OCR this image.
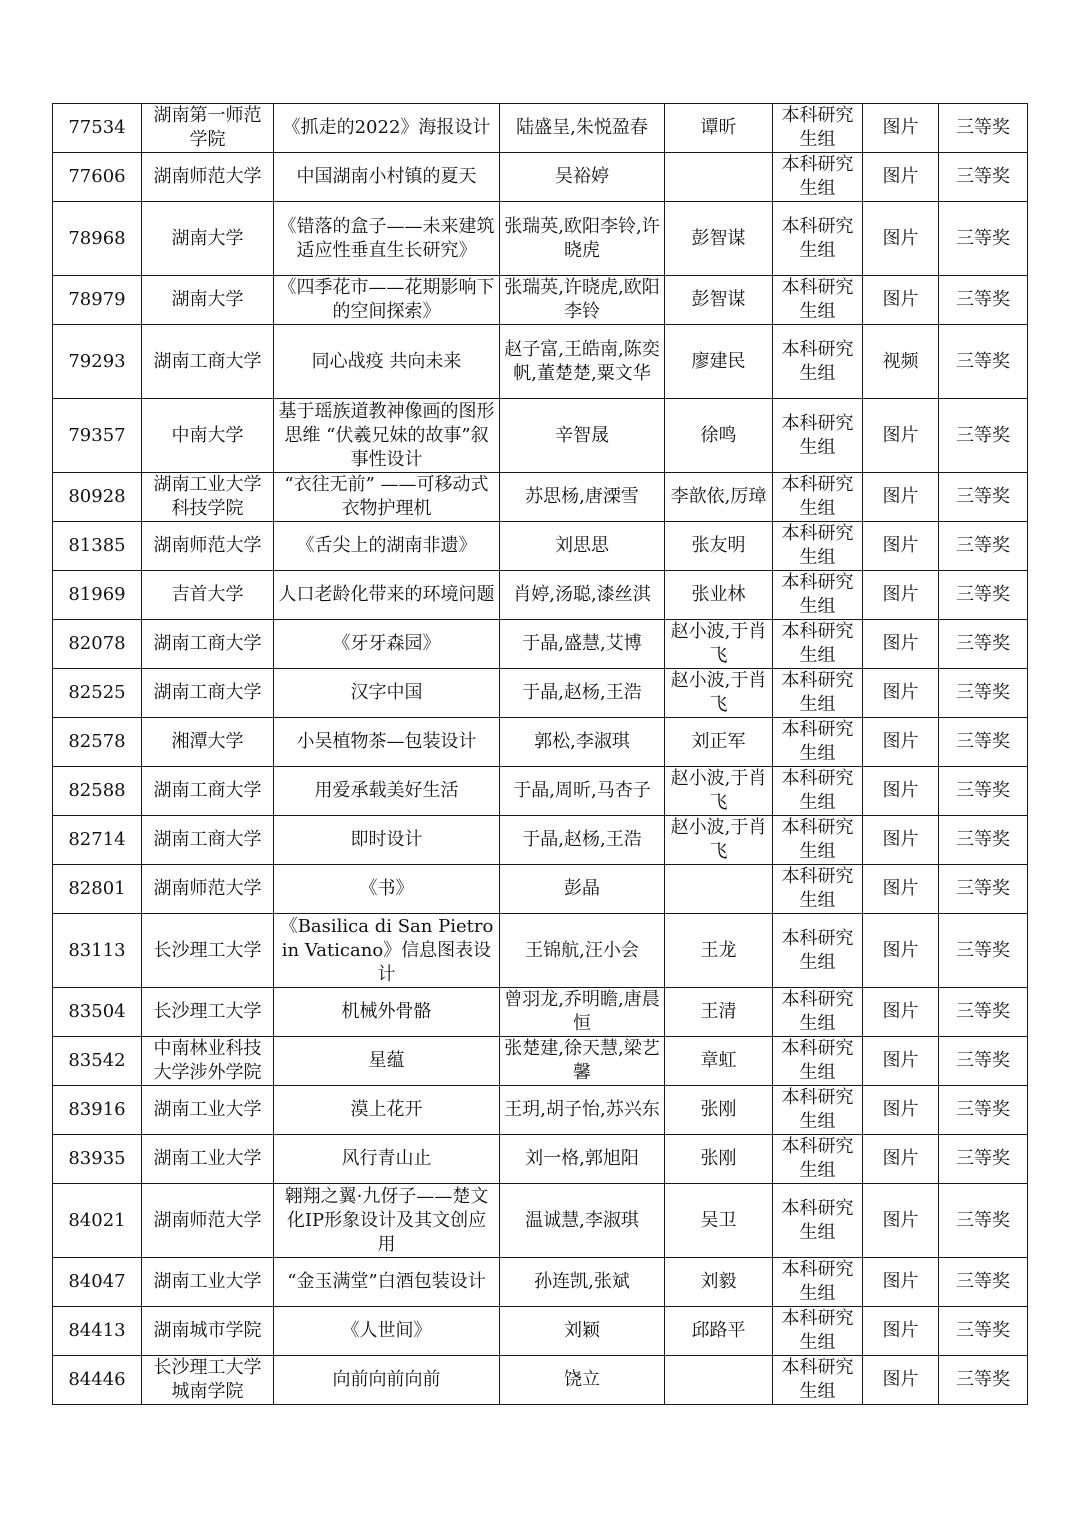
77534	湖南第一师范学院	《抓走的2022》海报设计	陆盛呈,朱悦盈春	谭昕	本科研究生组	图片	三等奖
77606	湖南师范大学	中国湖南小村镇的夏天	吴裕婷		本科研究生组	图片	三等奖
78968	湖南大学	《错落的盒子——未来建筑适应性垂直生长研究》	张瑞英,欧阳李铃,许晓虎	彭智谋	本科研究生组	图片	三等奖
78979	湖南大学	《四季花市——花期影响下的空间探索》	张瑞英,许晓虎,欧阳李铃	彭智谋	本科研究生组	图片	三等奖
79293	湖南工商大学	同心战疫 共向未来	赵子富,王皓南,陈奕帆,董楚楚,粟文华	廖建民	本科研究生组	视频	三等奖
79357	中南大学	基于瑶族道教神像画的图形思维 “伏羲兄妹的故事”叙事性设计	辛智晟	徐鸣	本科研究生组	图片	三等奖
80928	湖南工业大学科技学院	“衣往无前” ——可移动式衣物护理机	苏思杨,唐溧雪	李歆依,厉璋	本科研究生组	图片	三等奖
81385	湖南师范大学	《舌尖上的湖南非遗》	刘思思	张友明	本科研究生组	图片	三等奖
81969	吉首大学	人口老龄化带来的环境问题	肖婷,汤聪,漆丝淇	张业林	本科研究生组	图片	三等奖
82078	湖南工商大学	《牙牙森园》	于晶,盛慧,艾博	赵小波,于肖飞	本科研究生组	图片	三等奖
82525	湖南工商大学	汉字中国	于晶,赵杨,王浩	赵小波,于肖飞	本科研究生组	图片	三等奖
82578	湘潭大学	小吴植物茶—包装设计	郭松,李淑琪	刘正军	本科研究生组	图片	三等奖
82588	湖南工商大学	用爱承载美好生活	于晶,周昕,马杏子	赵小波,于肖飞	本科研究生组	图片	三等奖
82714	湖南工商大学	即时设计	于晶,赵杨,王浩	赵小波,于肖飞	本科研究生组	图片	三等奖
82801	湖南师范大学	《书》	彭晶		本科研究生组	图片	三等奖
83113	长沙理工大学	《Basilica di San Pietro in Vaticano》信息图表设计	王锦航,汪小会	王龙	本科研究生组	图片	三等奖
83504	长沙理工大学	机械外骨骼	曾羽龙,乔明瞻,唐晨恒	王清	本科研究生组	图片	三等奖
83542	中南林业科技大学涉外学院	星蕴	张楚建,徐天慧,梁艺馨	章虹	本科研究生组	图片	三等奖
83916	湖南工业大学	漠上花开	王玥,胡子怡,苏兴东	张刚	本科研究生组	图片	三等奖
83935	湖南工业大学	风行青山止	刘一格,郭旭阳	张刚	本科研究生组	图片	三等奖
84021	湖南师范大学	翱翔之翼·九伢子——楚文化IP形象设计及其文创应用	温诚慧,李淑琪	吴卫	本科研究生组	图片	三等奖
84047	湖南工业大学	“金玉满堂”白酒包装设计	孙连凯,张斌	刘毅	本科研究生组	图片	三等奖
84413	湖南城市学院	《人世间》	刘颖	邱路平	本科研究生组	图片	三等奖
84446	长沙理工大学城南学院	向前向前向前	饶立		本科研究生组	图片	三等奖
